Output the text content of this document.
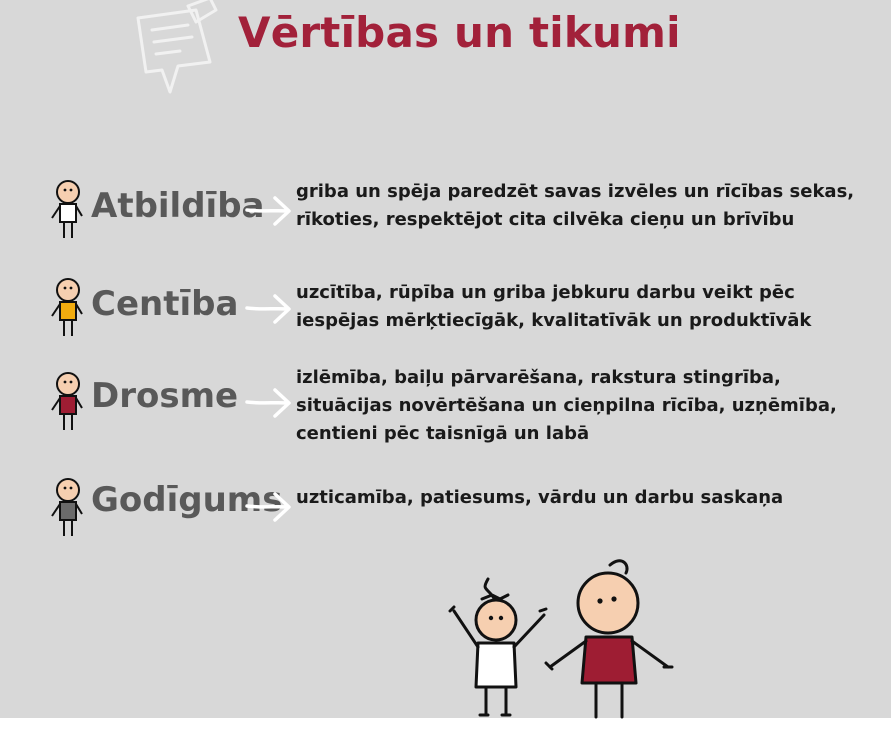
Vērtības un tikumi
Atbildība griba un spēja paredzēt savas izvēles un rīcības sekas,
rīkoties, respektējot cita cilvēka cieņu un brīvību
Centība	uzcītība, rūpība un griba jebkuru darbu veikt pēc
iespējas mērķtiecīgāk, kvalitatīvāk un produktīvāk
Drosme	izlēmība, baiļu pārvarēšana, rakstura stingrība,
situācijas novērtēšana un cieņpilna rīcība, uzņēmība,
centieni pēc taisnīgā un labā
Godīgums uzticamība, patiesums, vārdu un darbu saskaņa
